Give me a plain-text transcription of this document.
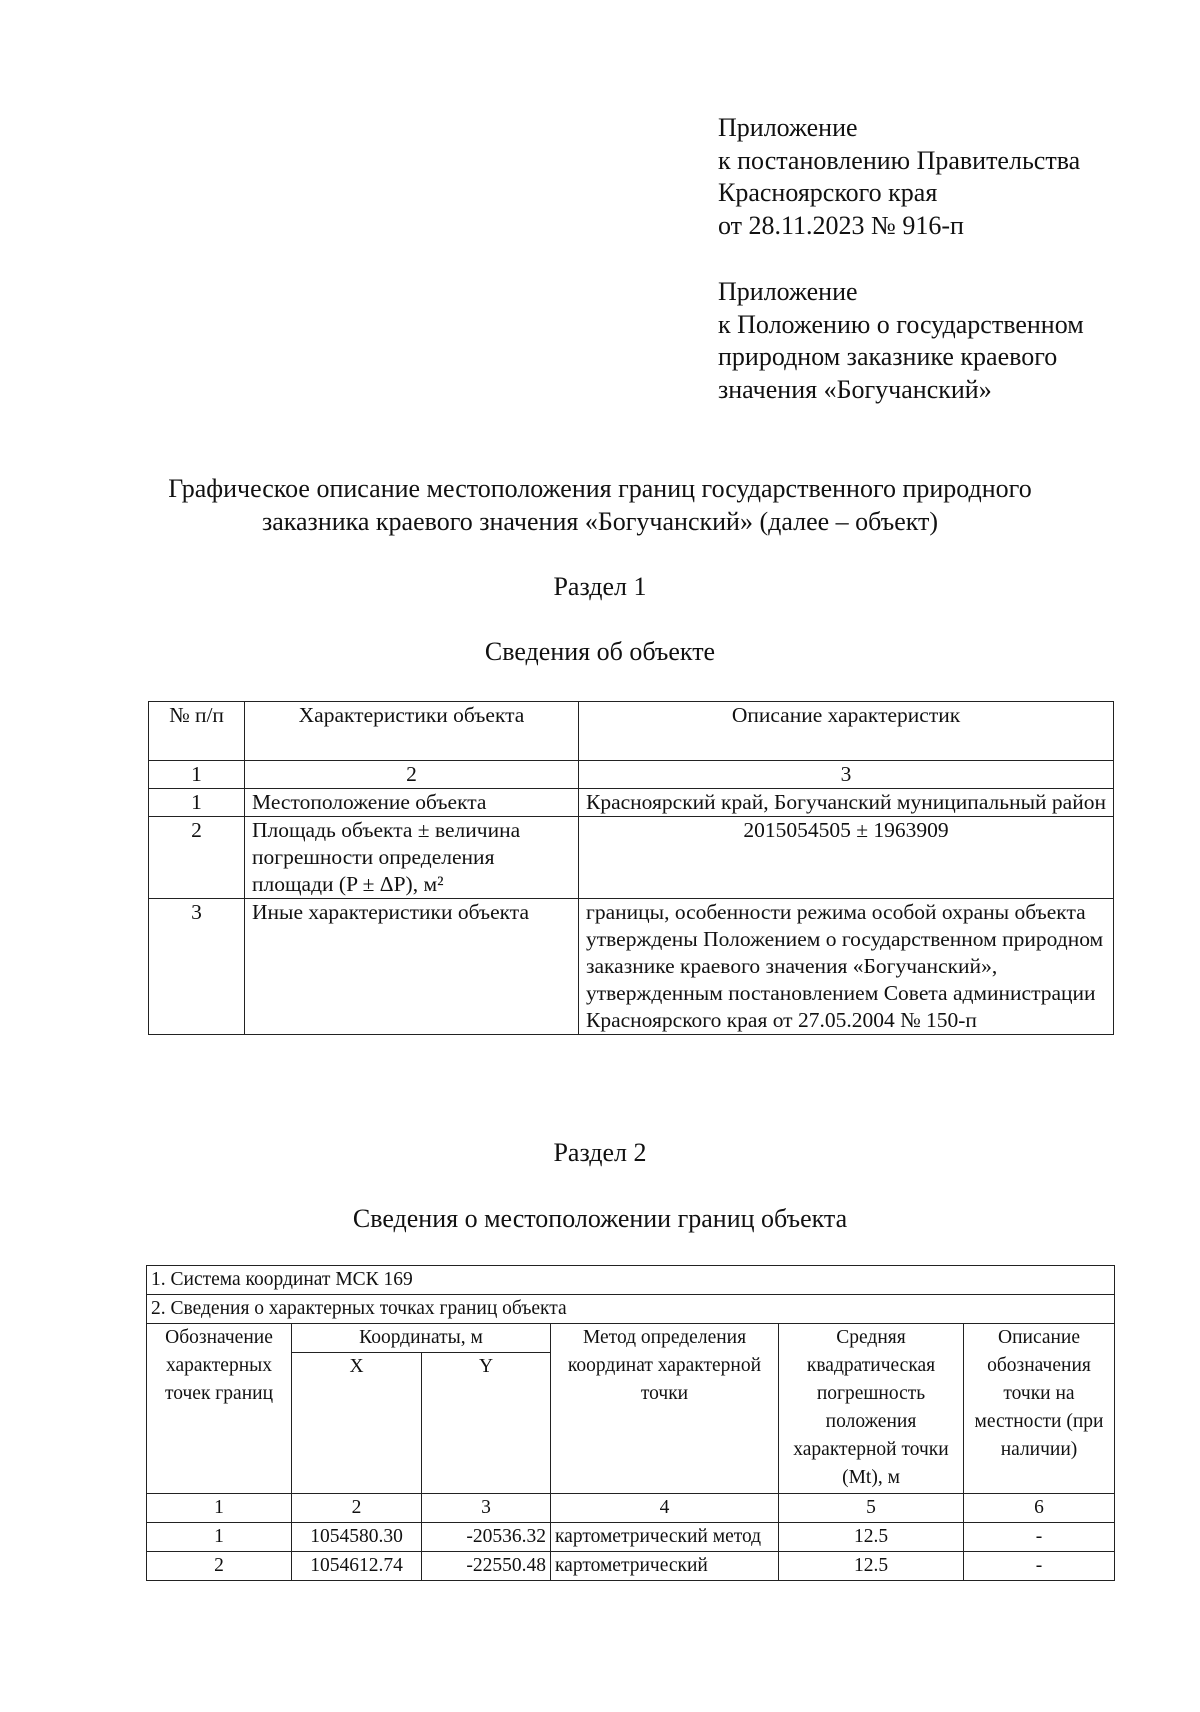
Приложение
к постановлению Правительства
Красноярского края
от 28.11.2023 № 916-п
Приложение
к Положению о государственном
природном заказнике краевого
значения «Богучанский»
Графическое описание местоположения границ государственного природного
заказника краевого значения «Богучанский» (далее – объект)
Раздел 1
Сведения об объекте
№ п/п	Характеристики объекта	Описание характеристик
1	2	3
1	Местоположение объекта	Красноярский край, Богучанский муниципальный район
2	Площадь объекта ± величина погрешности определения площади (P ± ΔP), м²	2015054505 ± 1963909
3	Иные характеристики объекта	границы, особенности режима особой охраны объекта утверждены Положением о государственном природном заказнике краевого значения «Богучанский», утвержденным постановлением Совета администрации Красноярского края от 27.05.2004 № 150-п
Раздел 2
Сведения о местоположении границ объекта
1. Система координат МСК 169					
2. Сведения о характерных точках границ объекта					
Обозначение характерных точек границ	Координаты, м		Метод определения координат характерной точки	Средняя квадратическая погрешность положения характерной точки (Mt), м	Описание обозначения точки на местности (при наличии)
	X	Y			
1	2	3	4	5	6
1	1054580.30	-20536.32	картометрический метод	12.5	-
2	1054612.74	-22550.48	картометрический	12.5	-
